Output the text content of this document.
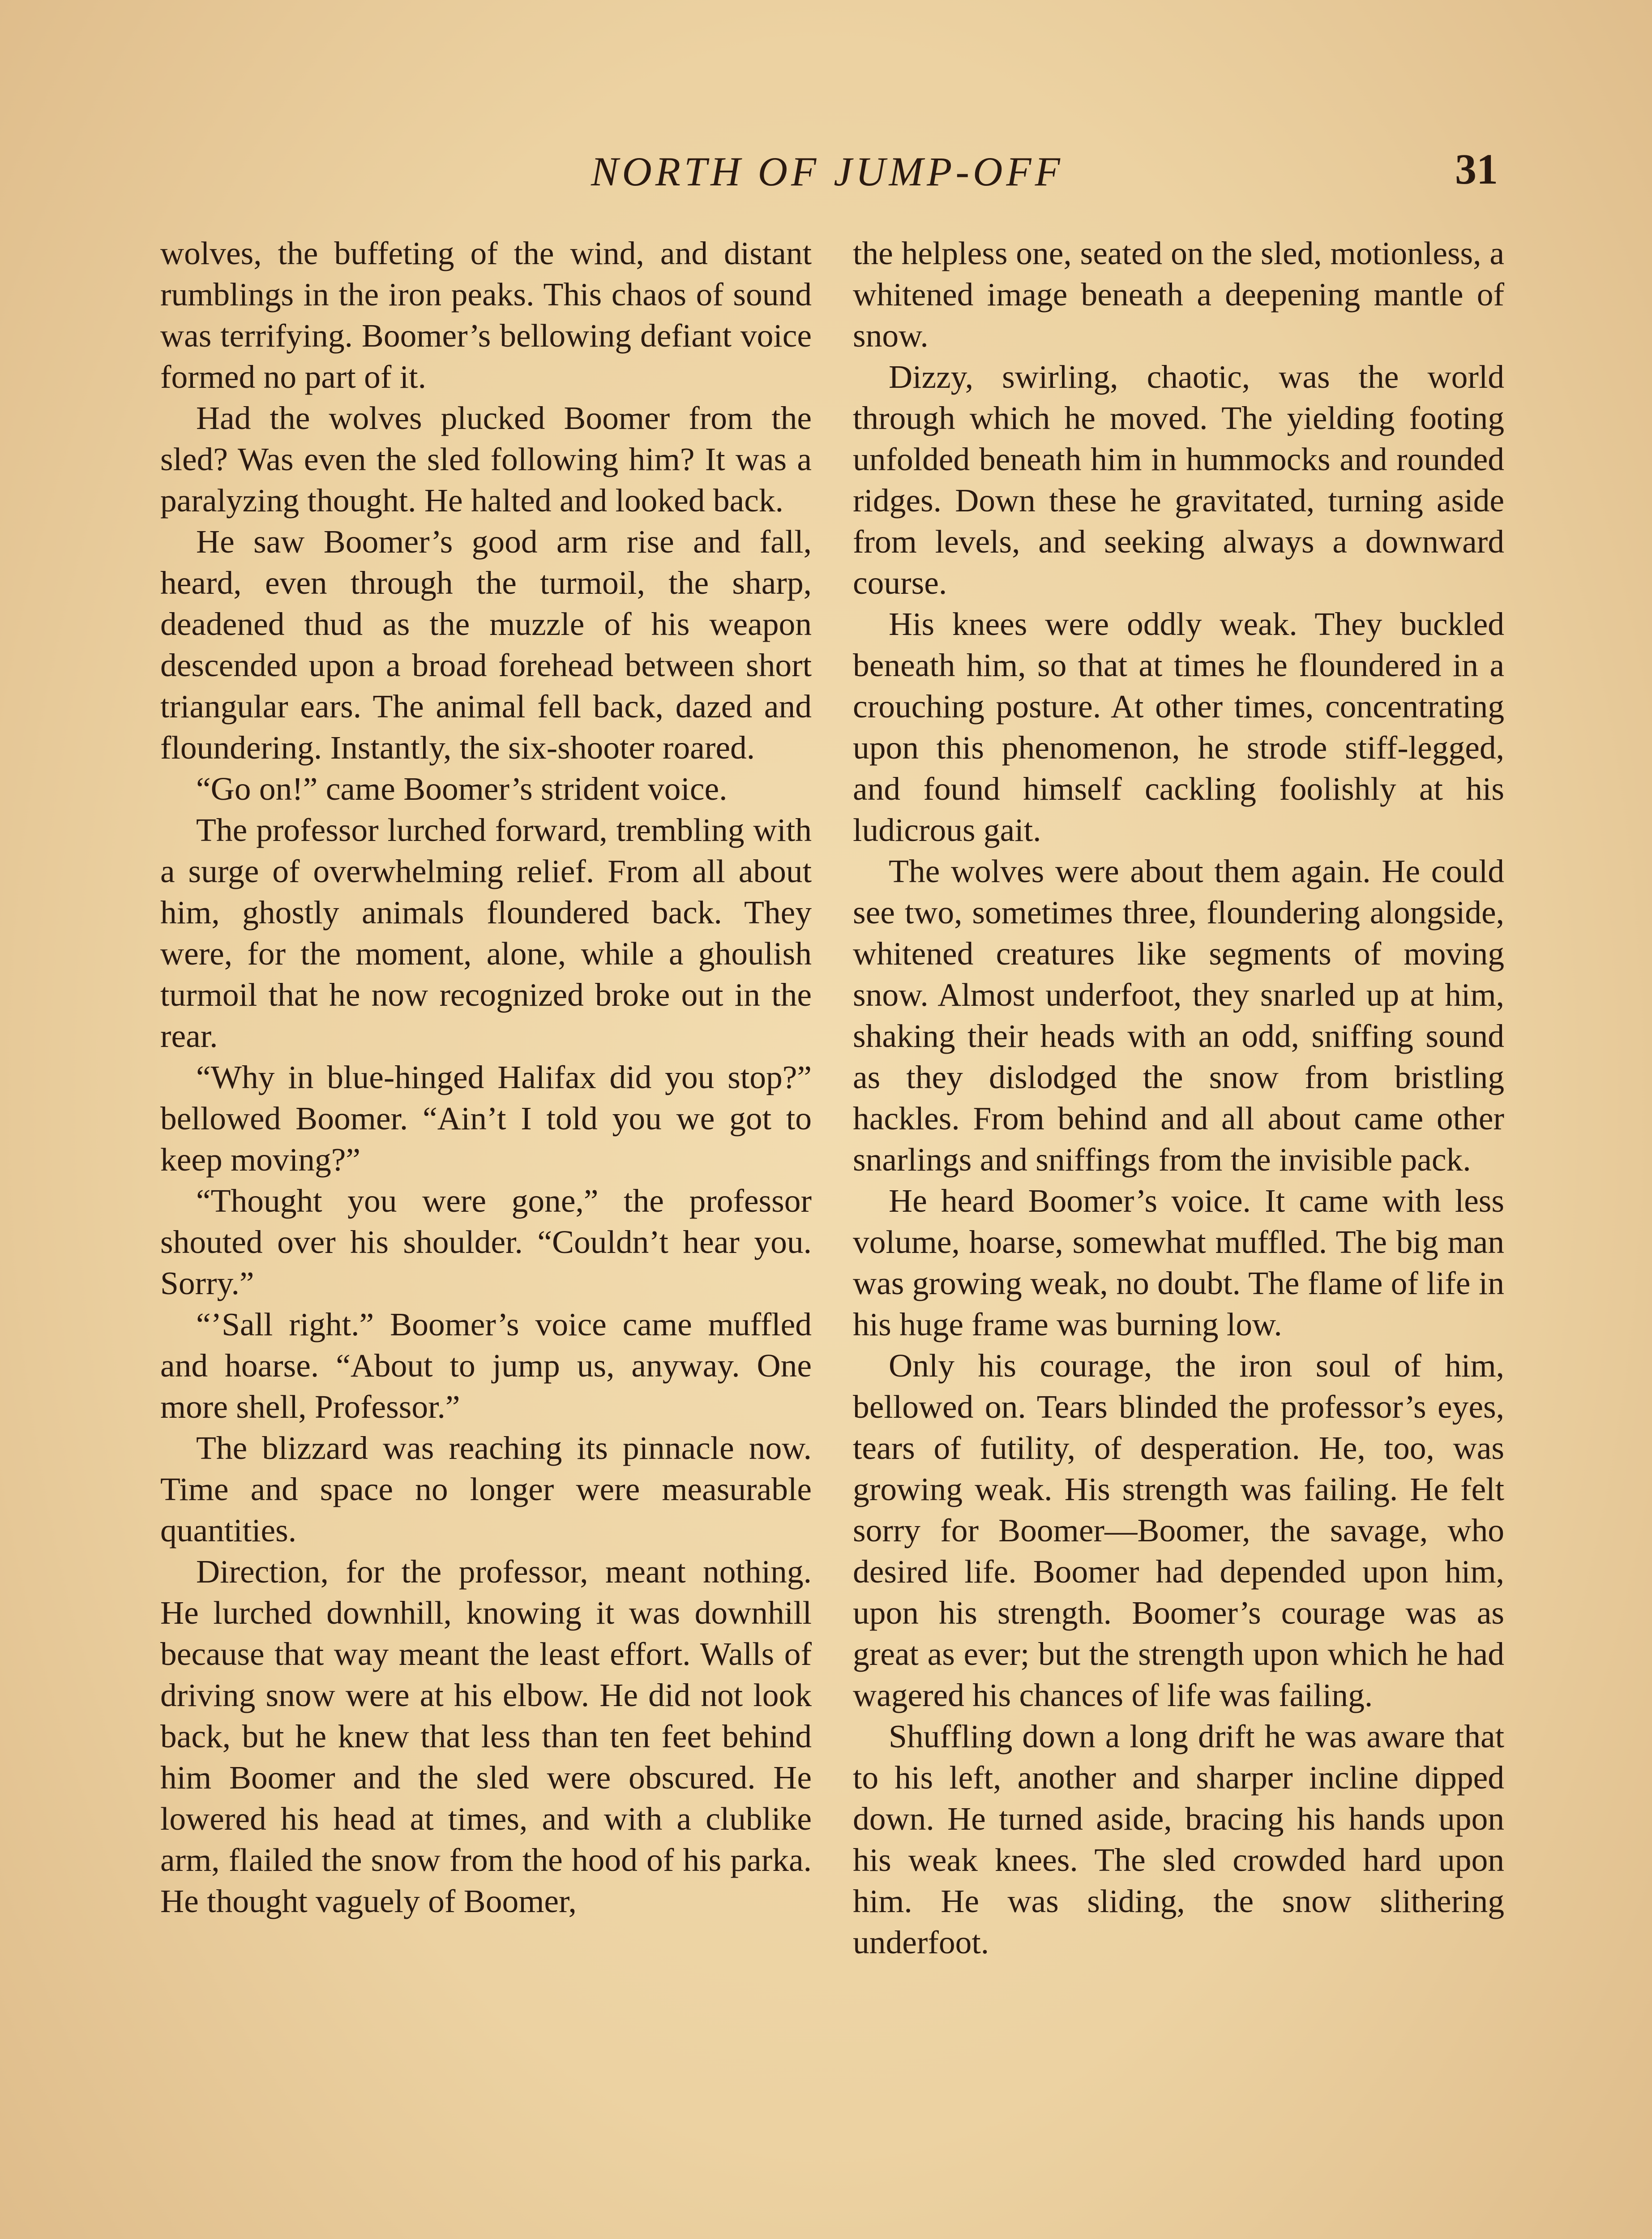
NORTH OF JUMP-OFF	31

wolves, the buffeting of the wind, and distant rumblings in the iron peaks. This chaos of sound was terrifying. Boomer’s bellowing defiant voice formed no part of it.

Had the wolves plucked Boomer from the sled? Was even the sled following him? It was a paralyzing thought. He halted and looked back.

He saw Boomer’s good arm rise and fall, heard, even through the turmoil, the sharp, deadened thud as the muzzle of his weapon descended upon a broad forehead between short triangular ears. The animal fell back, dazed and floundering. Instantly, the six-shooter roared.

“Go on!” came Boomer’s strident voice.

The professor lurched forward, trembling with a surge of overwhelming relief. From all about him, ghostly animals floundered back. They were, for the moment, alone, while a ghoulish turmoil that he now recognized broke out in the rear.

“Why in blue-hinged Halifax did you stop?” bellowed Boomer. “Ain’t I told you we got to keep moving?”

“Thought you were gone,” the professor shouted over his shoulder. “Couldn’t hear you. Sorry.”

“’Sall right.” Boomer’s voice came muffled and hoarse. “About to jump us, anyway. One more shell, Professor.”

The blizzard was reaching its pinnacle now. Time and space no longer were measurable quantities.

Direction, for the professor, meant nothing. He lurched downhill, knowing it was downhill because that way meant the least effort. Walls of driving snow were at his elbow. He did not look back, but he knew that less than ten feet behind him Boomer and the sled were obscured. He lowered his head at times, and with a clublike arm, flailed the snow from the hood of his parka. He thought vaguely of Boomer,

the helpless one, seated on the sled, motionless, a whitened image beneath a deepening mantle of snow.

Dizzy, swirling, chaotic, was the world through which he moved. The yielding footing unfolded beneath him in hummocks and rounded ridges. Down these he gravitated, turning aside from levels, and seeking always a downward course.

His knees were oddly weak. They buckled beneath him, so that at times he floundered in a crouching posture. At other times, concentrating upon this phenomenon, he strode stiff-legged, and found himself cackling foolishly at his ludicrous gait.

The wolves were about them again. He could see two, sometimes three, floundering alongside, whitened creatures like segments of moving snow. Almost underfoot, they snarled up at him, shaking their heads with an odd, sniffing sound as they dislodged the snow from bristling hackles. From behind and all about came other snarlings and sniffings from the invisible pack.

He heard Boomer’s voice. It came with less volume, hoarse, somewhat muffled. The big man was growing weak, no doubt. The flame of life in his huge frame was burning low.

Only his courage, the iron soul of him, bellowed on. Tears blinded the professor’s eyes, tears of futility, of desperation. He, too, was growing weak. His strength was failing. He felt sorry for Boomer—Boomer, the savage, who desired life. Boomer had depended upon him, upon his strength. Boomer’s courage was as great as ever; but the strength upon which he had wagered his chances of life was failing.

Shuffling down a long drift he was aware that to his left, another and sharper incline dipped down. He turned aside, bracing his hands upon his weak knees. The sled crowded hard upon him. He was sliding, the snow slithering underfoot.
